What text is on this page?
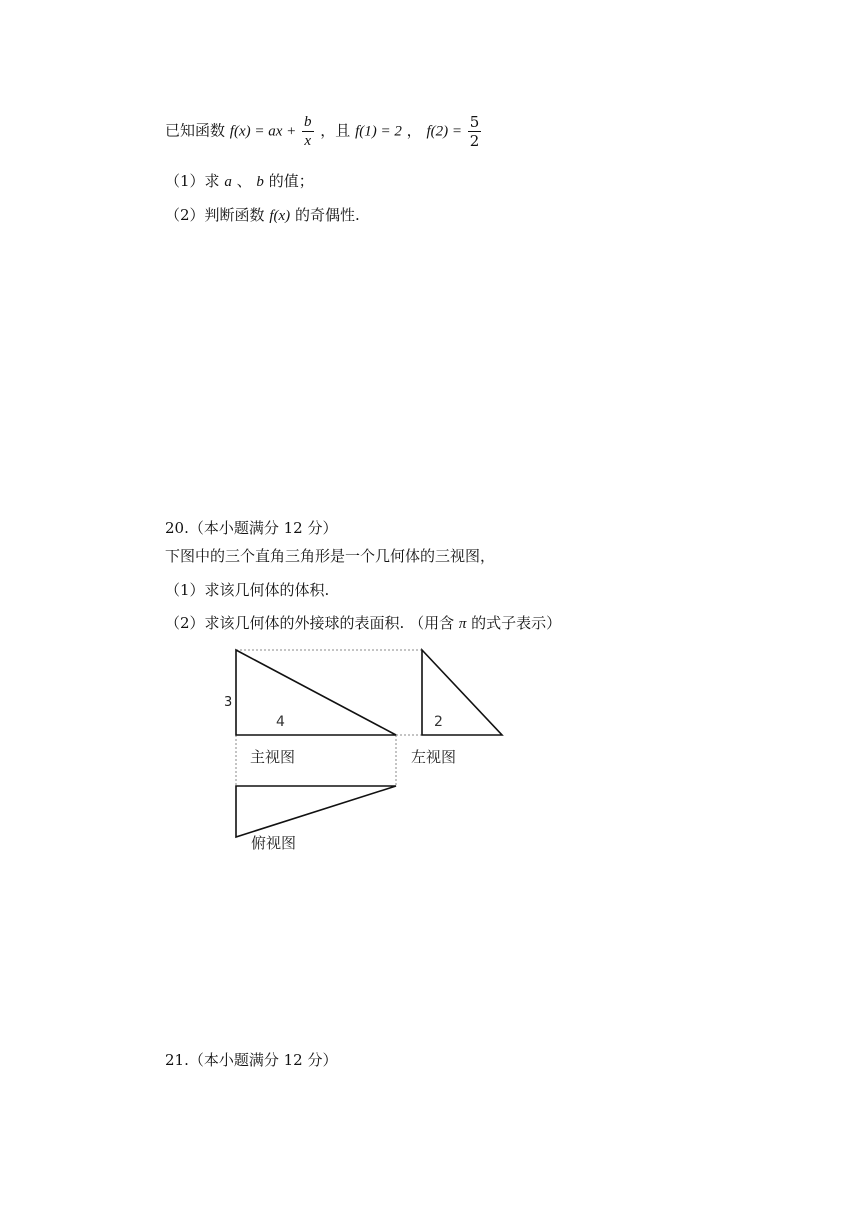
已知函数 f(x) = ax + $\frac{b}{x}$ ，且 f(1) = 2 ， $f(2) = \frac{5}{2}$
（1）求 a 、 b 的值；
（2）判断函数 f(x) 的奇偶性.
20.（本小题满分 12 分）
下图中的三个直角三角形是一个几何体的三视图，
（1）求该几何体的体积.
（2）求该几何体的外接球的表面积. （用含 π 的式子表示）
3
4	2
主视图	左视图
俯视图
21.（本小题满分 12 分）
